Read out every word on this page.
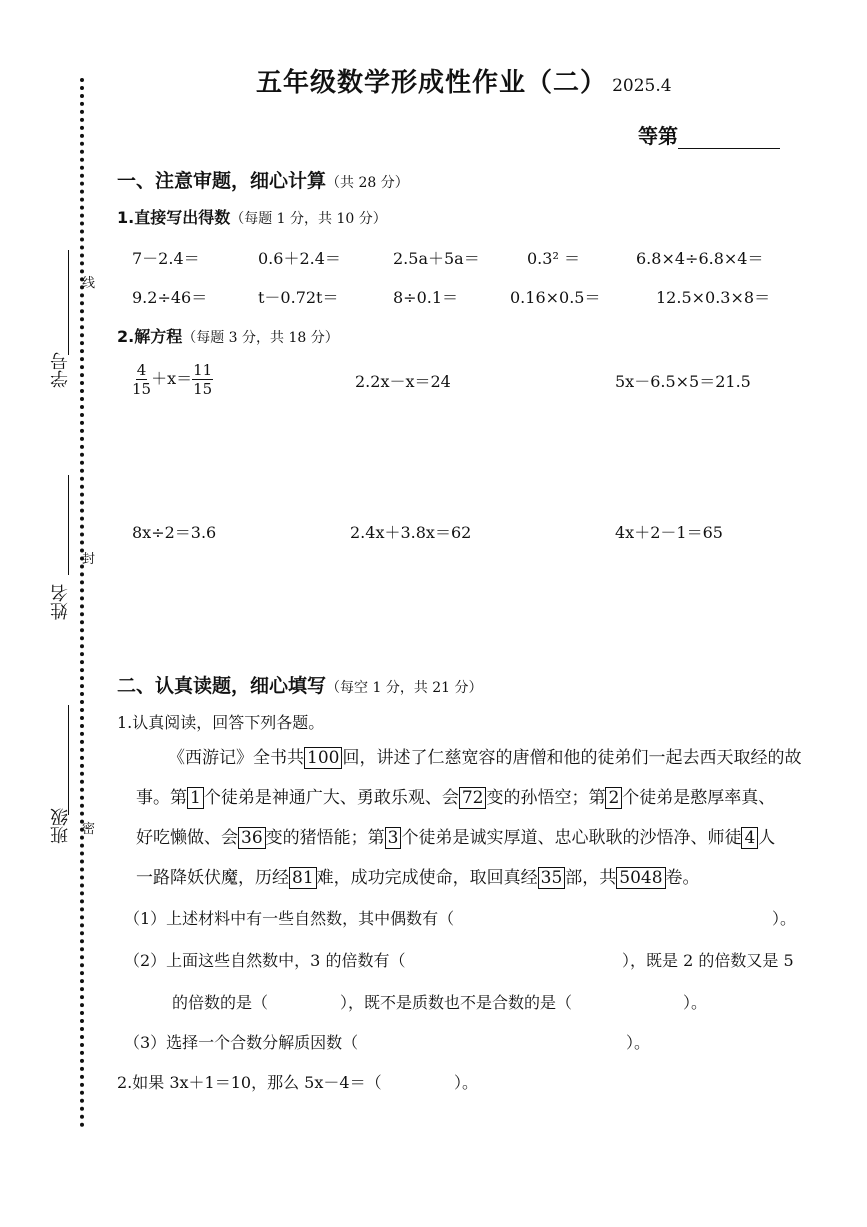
学号
线
姓名
封
班级 密
五年级数学形成性作业（二） 2025.4
等第
一、注意审题，细心计算（共 28 分）
1.直接写出得数（每题 1 分，共 10 分）
7－2.4＝	0.6＋2.4＝	2.5a＋5a＝	0.3² ＝	6.8×4÷6.8×4＝
9.2÷46＝	t－0.72t＝	8÷0.1＝	0.16×0.5＝	12.5×0.3×8＝
2.解方程（每题 3 分，共 18 分）
$\frac{4}{15} +x= \frac{11}{15}$	2.2x－x＝24	5x－6.5×5＝21.5
8x÷2＝3.6	2.4x＋3.8x＝62	4x＋2－1＝65
二、认真读题，细心填写（每空 1 分，共 21 分）
1.认真阅读，回答下列各题。
《西游记》全书共 100 回，讲述了仁慈宽容的唐僧和他的徒弟们一起去西天取经的故
事。第 1 个徒弟是神通广大、勇敢乐观、会 72 变的孙悟空；第 2 个徒弟是憨厚率真、
好吃懒做、会 36 变的猪悟能；第 3 个徒弟是诚实厚道、忠心耿耿的沙悟净、师徒 4 人
一路降妖伏魔，历经 81 难，成功完成使命，取回真经 35 部，共 5048 卷。
（1）上述材料中有一些自然数，其中偶数有（	）。
（2）上面这些自然数中，3 的倍数有（	），既是 2 的倍数又是 5
的倍数的是（	），既不是质数也不是合数的是（	）。
（3）选择一个合数分解质因数（	）。
2.如果 3x＋1＝10，那么 5x－4＝（	）。
